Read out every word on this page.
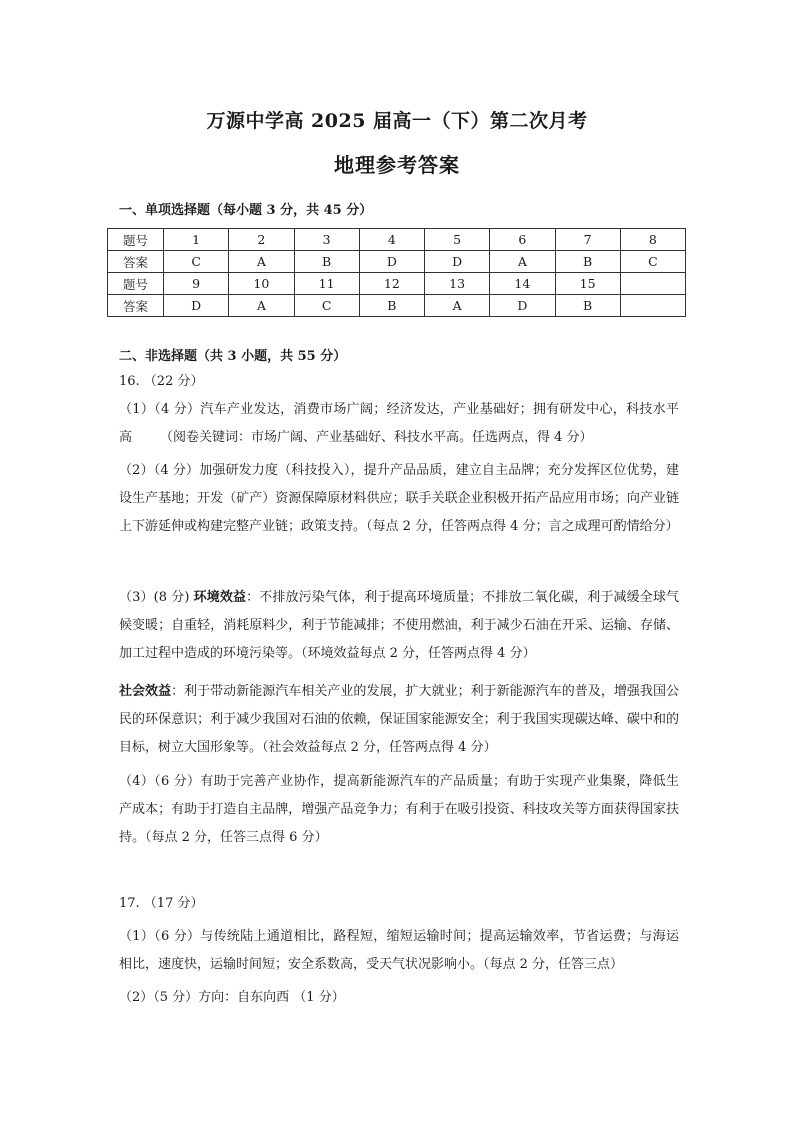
万源中学高 2025 届高一（下）第二次月考
地理参考答案
一、单项选择题（每小题 3 分，共 45 分）
题号	1	2	3	4	5	6	7	8
答案	C	A	B	D	D	A	B	C
题号	9	10	11	12	13	14	15	
答案	D	A	C	B	A	D	B	
二、非选择题（共 3 小题，共 55 分）
16. （22 分）
（1）（4 分）汽车产业发达，消费市场广阔；经济发达，产业基础好；拥有研发中心，科技水平高 （阅卷关键词：市场广阔、产业基础好、科技水平高。任选两点，得 4 分）
（2）（4 分）加强研发力度（科技投入），提升产品品质，建立自主品牌；充分发挥区位优势，建设生产基地；开发（矿产）资源保障原材料供应；联手关联企业积极开拓产品应用市场；向产业链上下游延伸或构建完整产业链；政策支持。（每点 2 分，任答两点得 4 分；言之成理可酌情给分）
（3）(8 分) 环境效益：不排放污染气体，利于提高环境质量；不排放二氧化碳，利于减缓全球气候变暖；自重轻，消耗原料少，利于节能减排；不使用燃油，利于减少石油在开采、运输、存储、加工过程中造成的环境污染等。（环境效益每点 2 分，任答两点得 4 分）
社会效益：利于带动新能源汽车相关产业的发展，扩大就业；利于新能源汽车的普及，增强我国公民的环保意识；利于减少我国对石油的依赖，保证国家能源安全；利于我国实现碳达峰、碳中和的目标，树立大国形象等。（社会效益每点 2 分，任答两点得 4 分）
（4）（6 分）有助于完善产业协作，提高新能源汽车的产品质量；有助于实现产业集聚，降低生产成本；有助于打造自主品牌，增强产品竞争力；有利于在吸引投资、科技攻关等方面获得国家扶持。（每点 2 分，任答三点得 6 分）
17. （17 分）
（1）（6 分）与传统陆上通道相比，路程短，缩短运输时间；提高运输效率，节省运费；与海运相比，速度快，运输时间短；安全系数高，受天气状况影响小。（每点 2 分，任答三点）
（2）（5 分）方向：自东向西 （1 分）
